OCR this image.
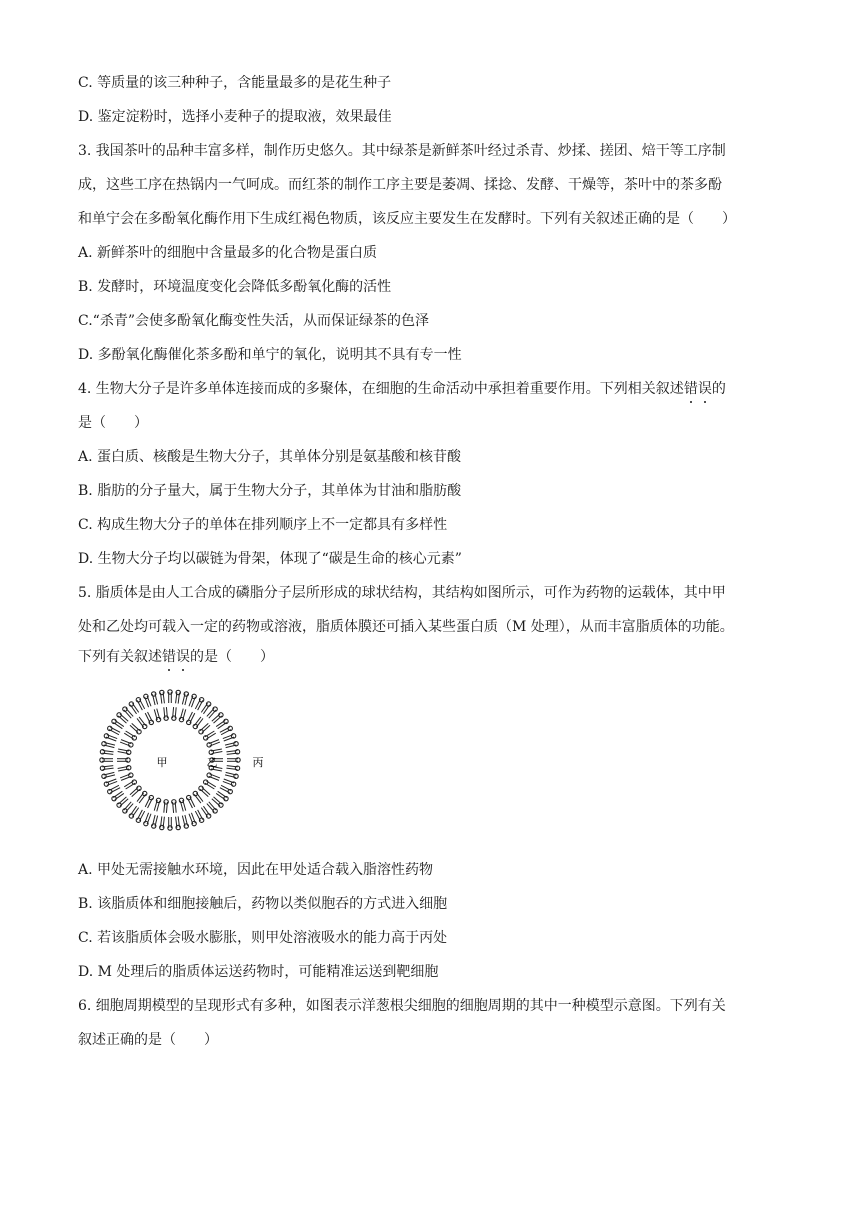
C. 等质量的该三种种子，含能量最多的是花生种子
D. 鉴定淀粉时，选择小麦种子的提取液，效果最佳
3. 我国茶叶的品种丰富多样，制作历史悠久。其中绿茶是新鲜茶叶经过杀青、炒揉、搓团、焙干等工序制
成，这些工序在热锅内一气呵成。而红茶的制作工序主要是萎凋、揉捻、发酵、干燥等，茶叶中的茶多酚
和单宁会在多酚氧化酶作用下生成红褐色物质，该反应主要发生在发酵时。下列有关叙述正确的是（　　）
A. 新鲜茶叶的细胞中含量最多的化合物是蛋白质
B. 发酵时，环境温度变化会降低多酚氧化酶的活性
C.“杀青”会使多酚氧化酶变性失活，从而保证绿茶的色泽
D. 多酚氧化酶催化茶多酚和单宁的氧化，说明其不具有专一性
4. 生物大分子是许多单体连接而成的多聚体，在细胞的生命活动中承担着重要作用。下列相关叙述错误的
是（　　）
A. 蛋白质、核酸是生物大分子，其单体分别是氨基酸和核苷酸
B. 脂肪的分子量大，属于生物大分子，其单体为甘油和脂肪酸
C. 构成生物大分子的单体在排列顺序上不一定都具有多样性
D. 生物大分子均以碳链为骨架，体现了“碳是生命的核心元素”
5. 脂质体是由人工合成的磷脂分子层所形成的球状结构，其结构如图所示，可作为药物的运载体，其中甲
处和乙处均可载入一定的药物或溶液，脂质体膜还可插入某些蛋白质（M 处理），从而丰富脂质体的功能。
下列有关叙述错误的是（　　）
甲	乙	丙
A. 甲处无需接触水环境，因此在甲处适合载入脂溶性药物
B. 该脂质体和细胞接触后，药物以类似胞吞的方式进入细胞
C. 若该脂质体会吸水膨胀，则甲处溶液吸水的能力高于丙处
D. M 处理后的脂质体运送药物时，可能精准运送到靶细胞
6. 细胞周期模型的呈现形式有多种，如图表示洋葱根尖细胞的细胞周期的其中一种模型示意图。下列有关
叙述正确的是（　　）
